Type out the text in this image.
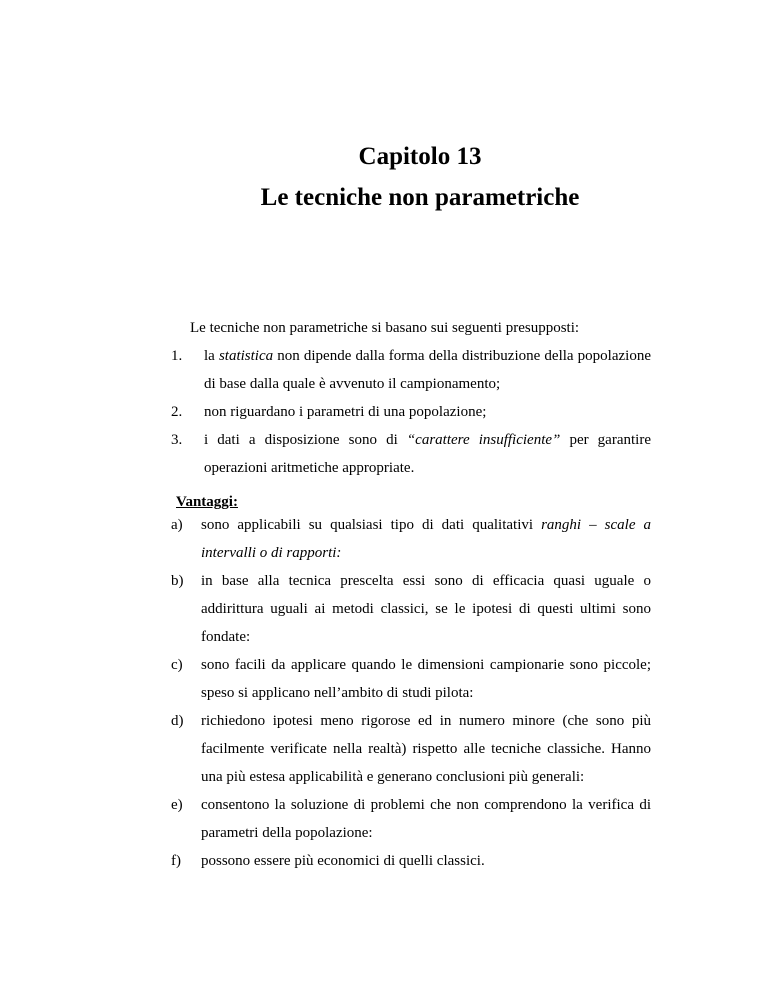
Capitolo 13
Le tecniche non parametriche

Le tecniche non parametriche si basano sui seguenti presupposti:

1. la statistica non dipende dalla forma della distribuzione della popolazione di base dalla quale è avvenuto il campionamento;
2. non riguardano i parametri di una popolazione;
3. i dati a disposizione sono di “carattere insufficiente” per garantire operazioni aritmetiche appropriate.

Vantaggi:

a) sono applicabili su qualsiasi tipo di dati qualitativi ranghi – scale a intervalli o di rapporti:
b) in base alla tecnica prescelta essi sono di efficacia quasi uguale o addirittura uguali ai metodi classici, se le ipotesi di questi ultimi sono fondate:
c) sono facili da applicare quando le dimensioni campionarie sono piccole; speso si applicano nell’ambito di studi pilota:
d) richiedono ipotesi meno rigorose ed in numero minore (che sono più facilmente verificate nella realtà) rispetto alle tecniche classiche. Hanno una più estesa applicabilità e generano conclusioni più generali:
e) consentono la soluzione di problemi che non comprendono la verifica di parametri della popolazione:
f) possono essere più economici di quelli classici.
